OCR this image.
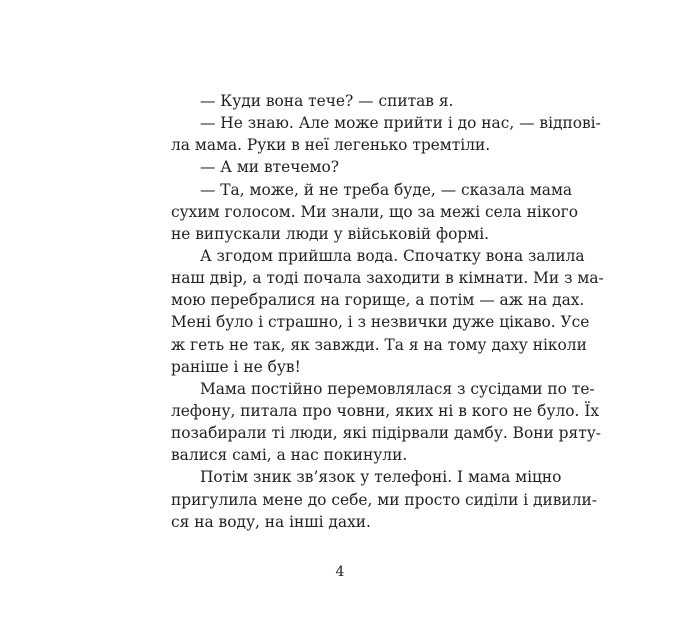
— Куди вона тече? — спитав я.
— Не знаю. Але може прийти і до нас, — відпові-
ла мама. Руки в неї легенько тремтіли.
— А ми втечемо?
— Та, може, й не треба буде, — сказала мама
сухим голосом. Ми знали, що за межі села нікого
не випускали люди у військовій формі.
А згодом прийшла вода. Спочатку вона залила
наш двір, а тоді почала заходити в кімнати. Ми з ма-
мою перебралися на горище, а потім — аж на дах.
Мені було і страшно, і з незвички дуже цікаво. Усе
ж геть не так, як завжди. Та я на тому даху ніколи
раніше і не був!
Мама постійно перемовлялася з сусідами по те-
лефону, питала про човни, яких ні в кого не було. Їх
позабирали ті люди, які підірвали дамбу. Вони ряту-
валися самі, а нас покинули.
Потім зник зв’язок у телефоні. І мама міцно
пригулила мене до себе, ми просто сиділи і дивили-
ся на воду, на інші дахи.
4
